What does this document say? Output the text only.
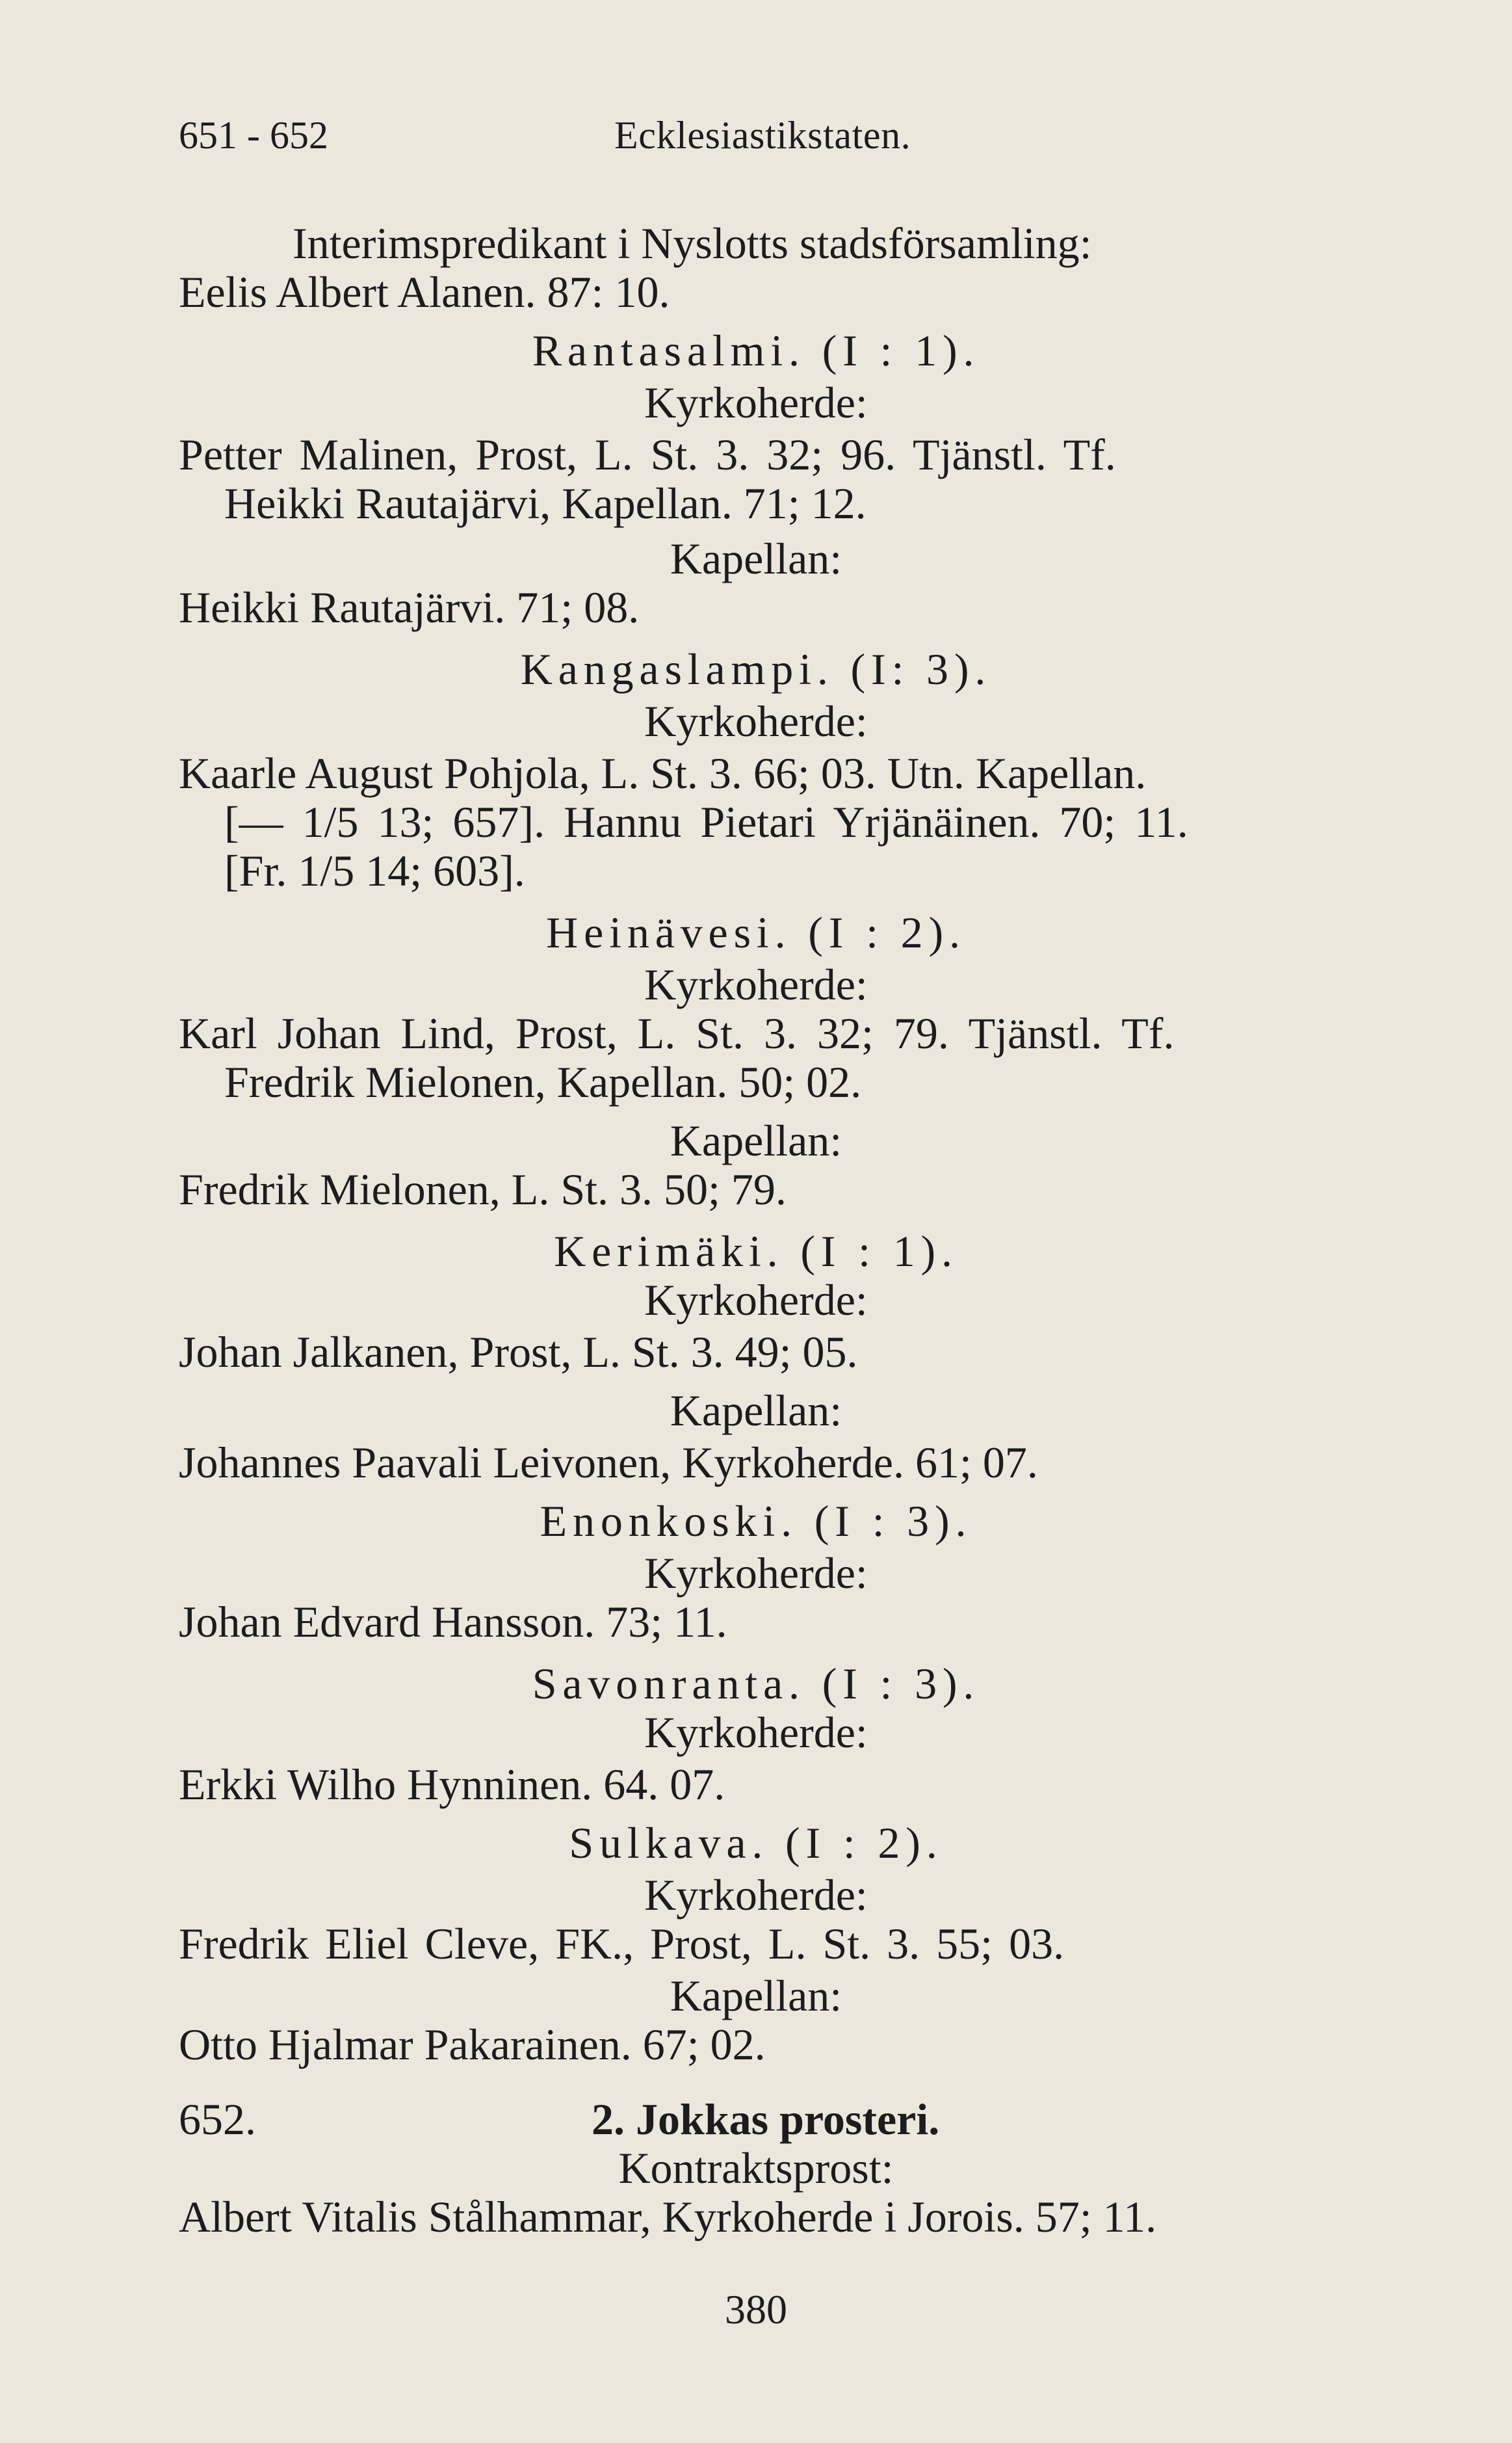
651 - 652	Ecklesiastikstaten.

Interimspredikant i Nyslotts stadsförsamling:

Eelis Albert Alanen. 87: 10.

Rantasalmi. (I : 1).

Kyrkoherde:

Petter Malinen, Prost, L. St. 3. 32; 96. Tjänstl. Tf.

Heikki Rautajärvi, Kapellan. 71; 12.

Kapellan:

Heikki Rautajärvi. 71; 08.

Kangaslampi. (I: 3).

Kyrkoherde:

Kaarle August Pohjola, L. St. 3. 66; 03. Utn. Kapellan.

[— 1/5 13; 657]. Hannu Pietari Yrjänäinen. 70; 11.

[Fr. 1/5 14; 603].

Heinävesi. (I : 2).

Kyrkoherde:

Karl Johan Lind, Prost, L. St. 3. 32; 79. Tjänstl. Tf.

Fredrik Mielonen, Kapellan. 50; 02.

Kapellan:

Fredrik Mielonen, L. St. 3. 50; 79.

Kerimäki. (I : 1).

Kyrkoherde:

Johan Jalkanen, Prost, L. St. 3. 49; 05.

Kapellan:

Johannes Paavali Leivonen, Kyrkoherde. 61; 07.

Enonkoski. (I : 3).

Kyrkoherde:

Johan Edvard Hansson. 73; 11.

Savonranta. (I : 3).

Kyrkoherde:

Erkki Wilho Hynninen. 64. 07.

Sulkava. (I : 2).

Kyrkoherde:

Fredrik Eliel Cleve, FK., Prost, L. St. 3. 55; 03.

Kapellan:

Otto Hjalmar Pakarainen. 67; 02.

652.	2. Jokkas prosteri.

Kontraktsprost:

Albert Vitalis Stålhammar, Kyrkoherde i Jorois. 57; 11.

380
